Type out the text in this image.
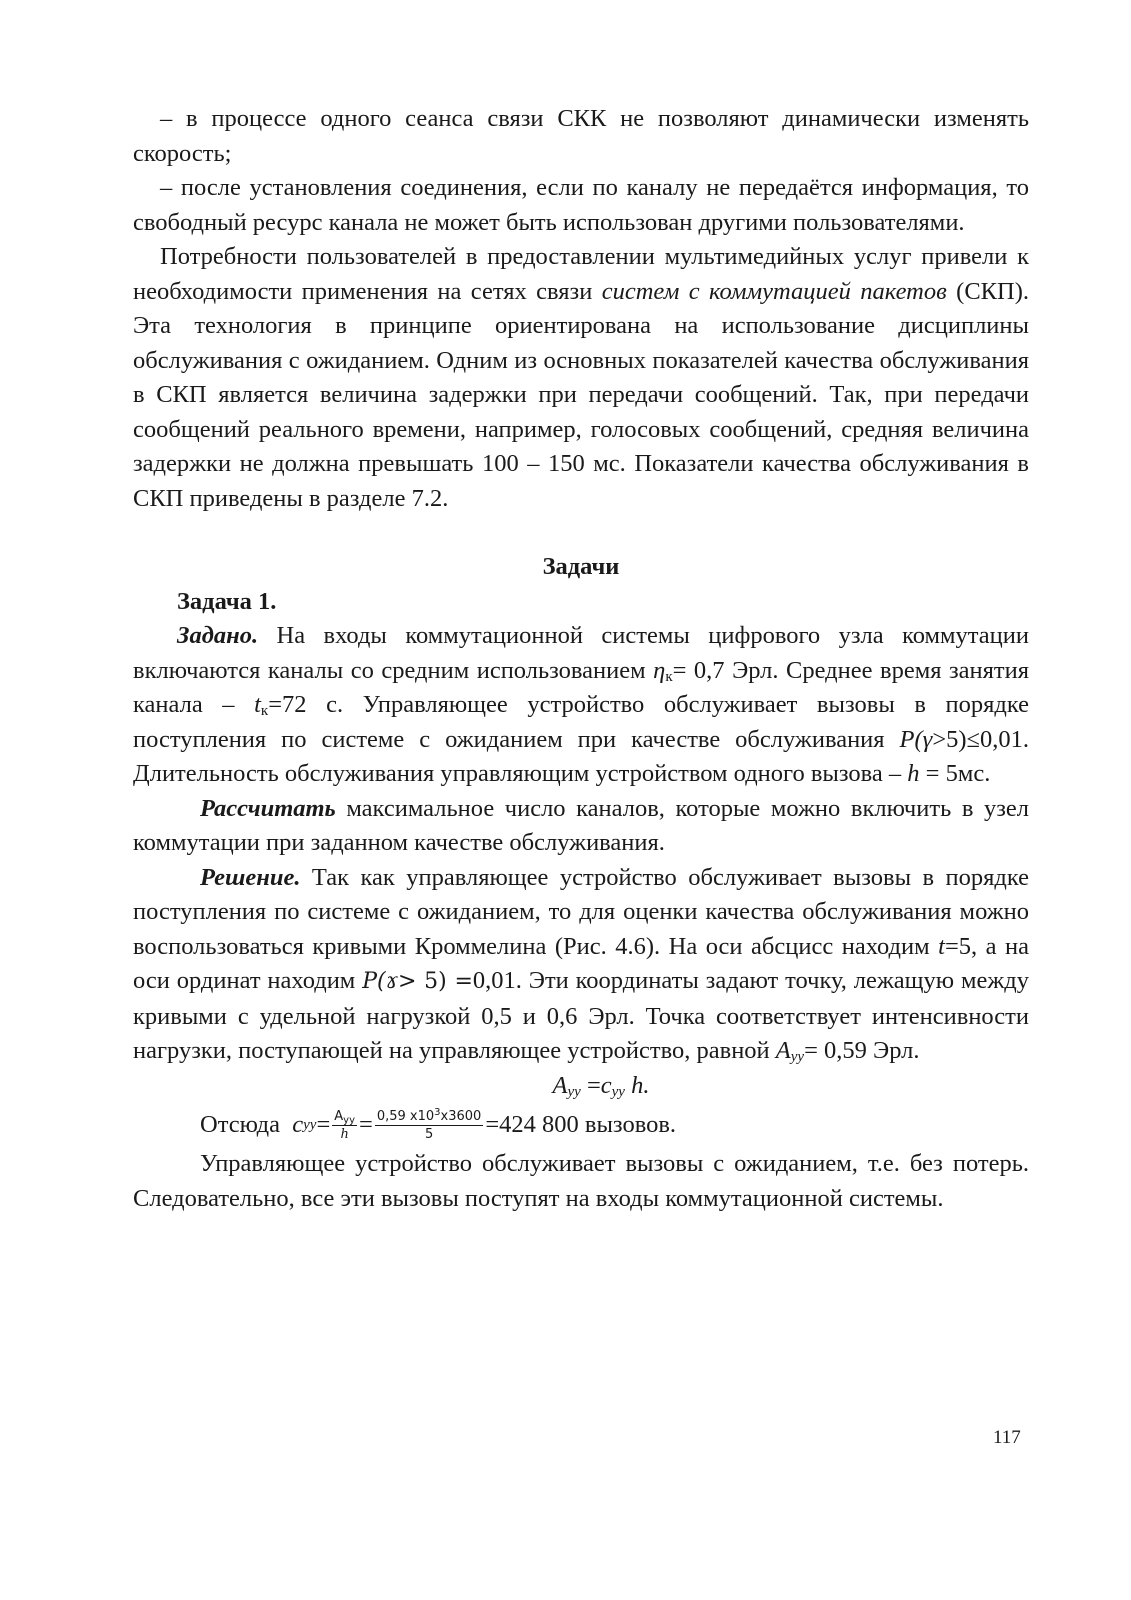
– в процессе одного сеанса связи СКК не позволяют динамически изменять скорость;

– после установления соединения, если по каналу не передаётся информация, то свободный ресурс канала не может быть использован другими пользователями.

Потребности пользователей в предоставлении мультимедийных услуг привели к необходимости применения на сетях связи систем с коммутацией пакетов (СКП). Эта технология в принципе ориентирована на использование дисциплины обслуживания с ожиданием. Одним из основных показателей качества обслуживания в СКП является величина задержки при передачи сообщений. Так, при передачи сообщений реального времени, например, голосовых сообщений, средняя величина задержки не должна превышать 100 – 150 мс. Показатели качества обслуживания в СКП приведены в разделе 7.2.

Задачи

Задача 1.

Задано. На входы коммутационной системы цифрового узла коммутации включаются каналы со средним использованием $\eta_к= 0,7$ Эрл. Среднее время занятия канала – $t_к=72$ с. Управляющее устройство обслуживает вызовы в порядке поступления по системе с ожиданием при качестве обслуживания P(γ>5)≤0,01. Длительность обслуживания управляющим устройством одного вызова – h = 5мс.

Рассчитать максимальное число каналов, которые можно включить в узел коммутации при заданном качестве обслуживания.

Решение. Так как управляющее устройство обслуживает вызовы в порядке поступления по системе с ожиданием, то для оценки качества обслуживания можно воспользоваться кривыми Кроммелина (Рис. 4.6). На оси абсцисс находим t=5, а на оси ординат находим P(ɤ> 5) =0,01. Эти координаты задают точку, лежащую между кривыми с удельной нагрузкой 0,5 и 0,6 Эрл. Точка соответствует интенсивности нагрузки, поступающей на управляющее устройство, равной $A_{уу}= 0,59$ Эрл.

$A_{уу} =c_{уу}$ h.

Отсюда c уу = $\frac{A_{уу}}{h} = \frac{0,59 x10^3x3600}{5} =424$ 800 вызовов.

Управляющее устройство обслуживает вызовы с ожиданием, т.е. без потерь. Следовательно, все эти вызовы поступят на входы коммутационной системы.

117
